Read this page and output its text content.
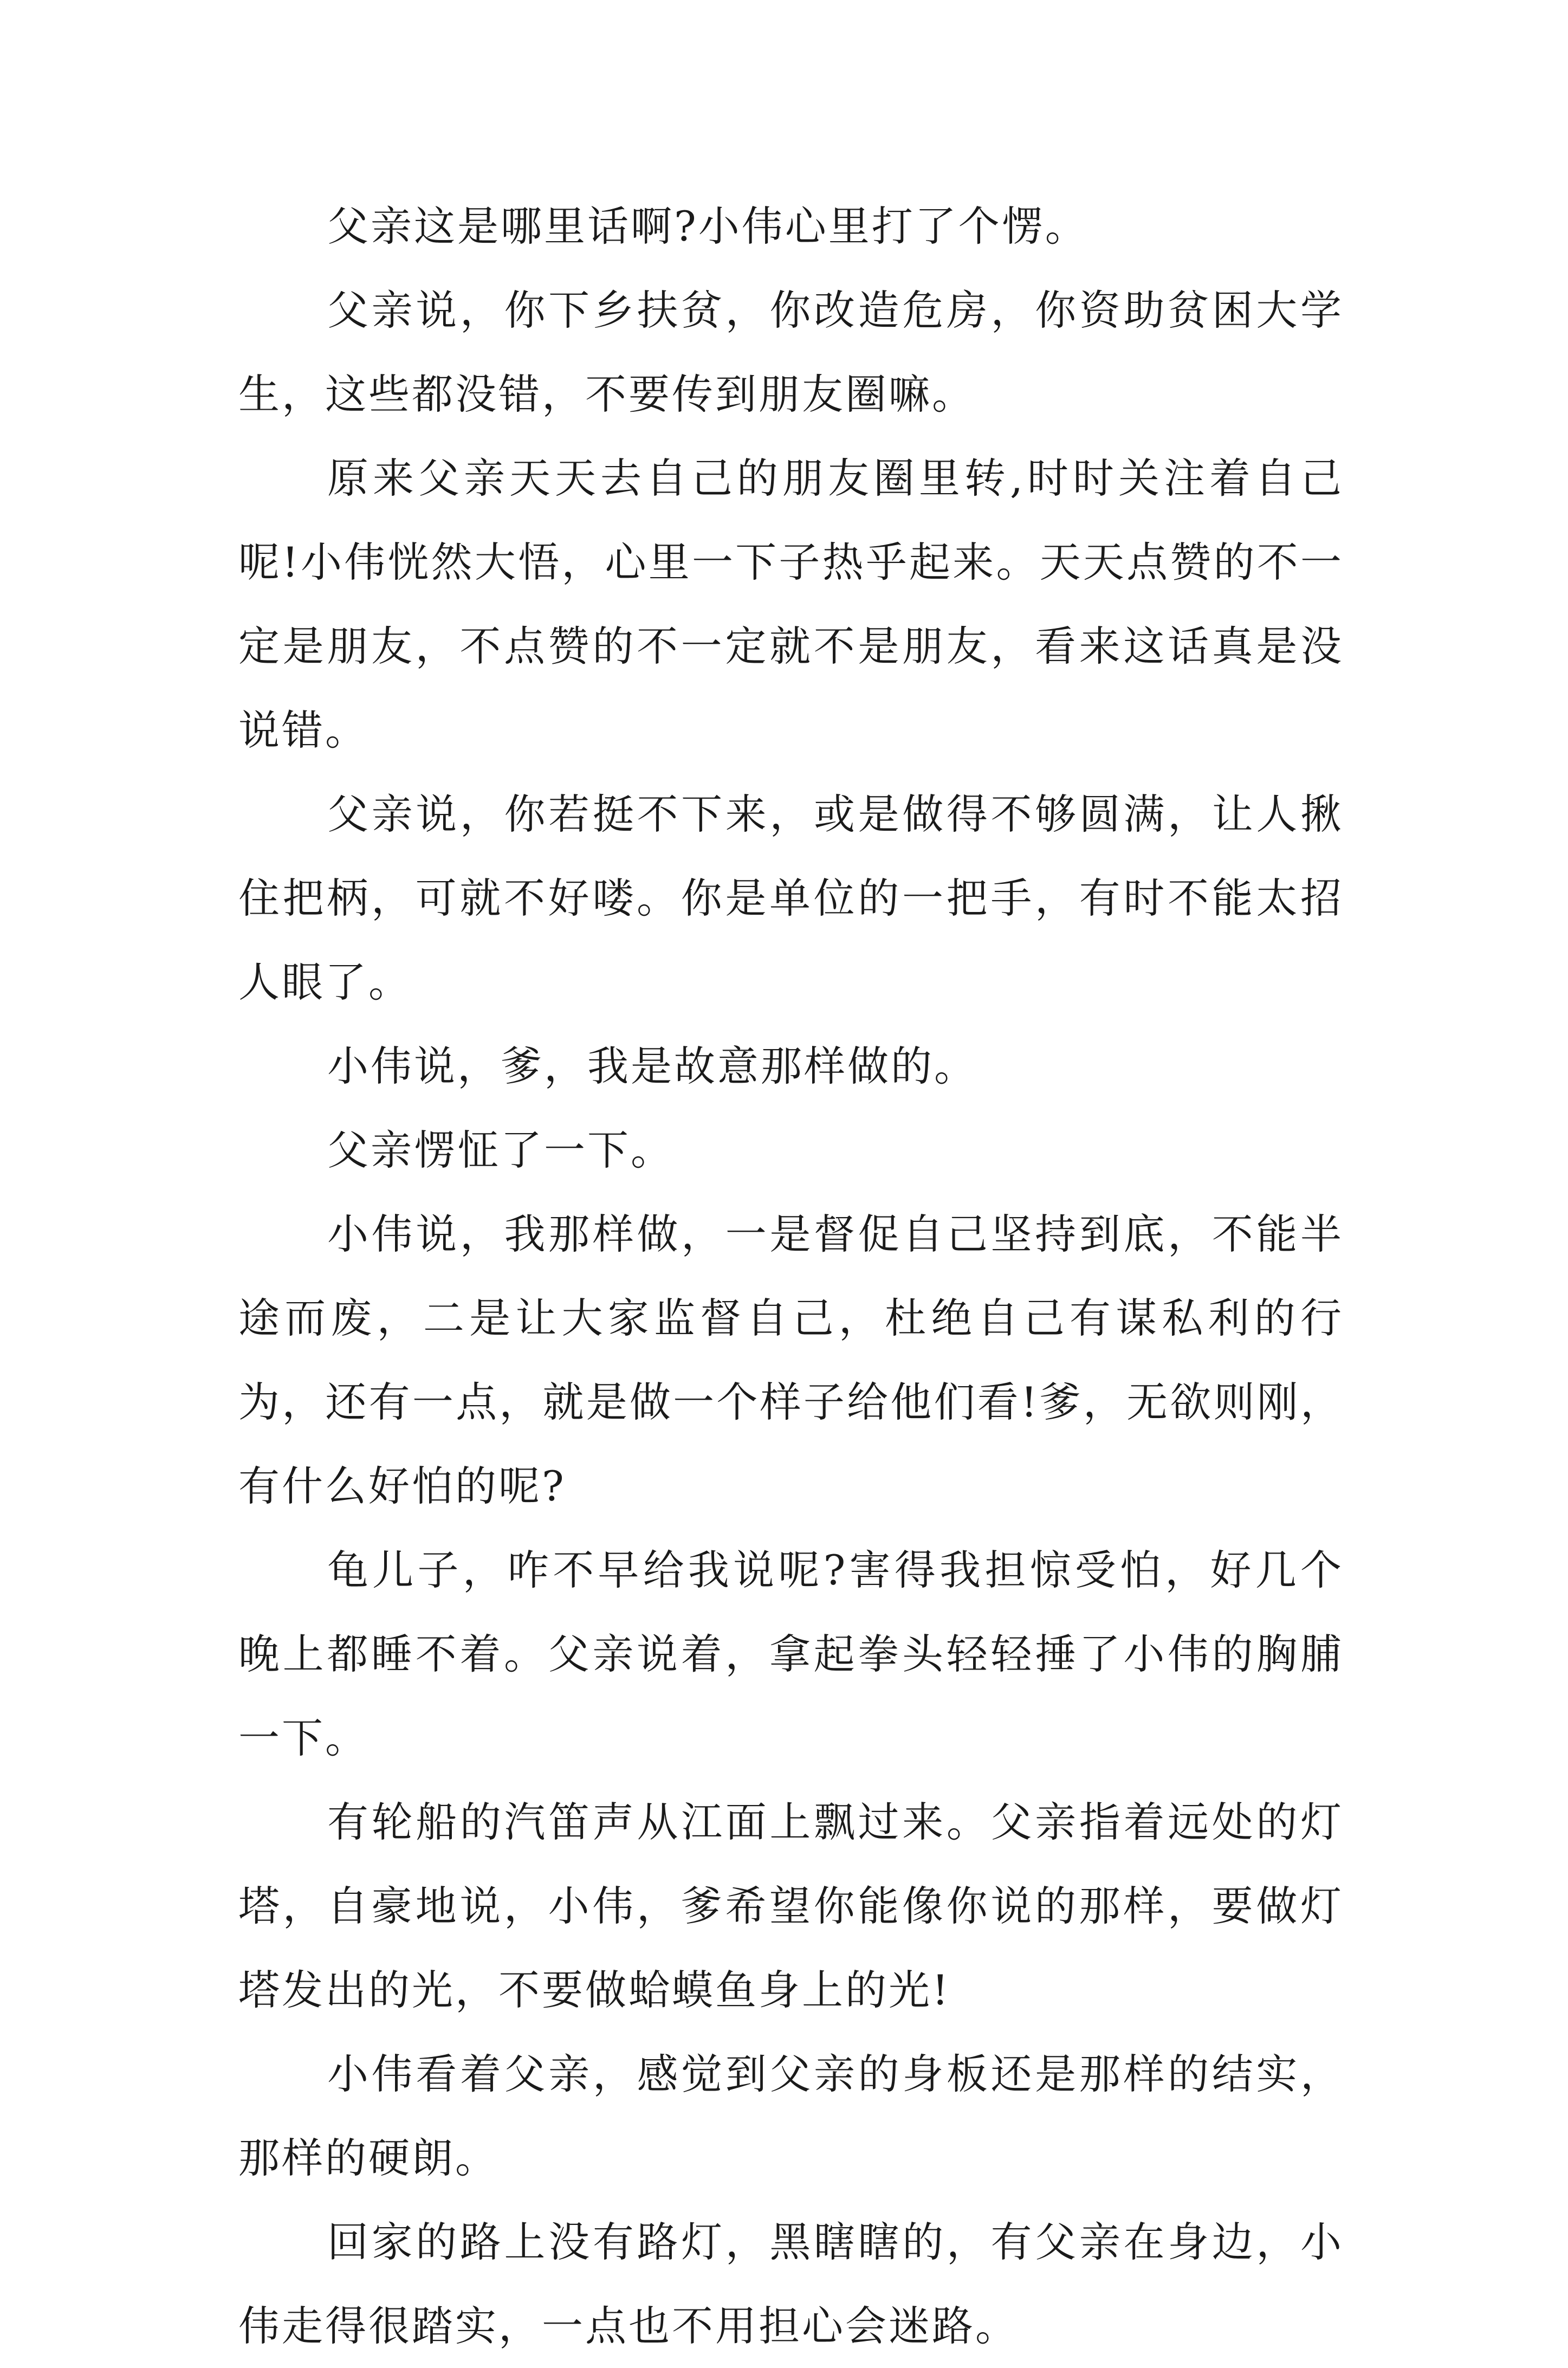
父亲这是哪里话啊?小伟心里打了个愣。

父亲说，你下乡扶贫，你改造危房，你资助贫困大学生，这些都没错，不要传到朋友圈嘛。

原来父亲天天去自己的朋友圈里转,时时关注着自己呢!小伟恍然大悟，心里一下子热乎起来。天天点赞的不一定是朋友，不点赞的不一定就不是朋友，看来这话真是没说错。

父亲说，你若挺不下来，或是做得不够圆满，让人揪住把柄，可就不好喽。你是单位的一把手，有时不能太招人眼了。

小伟说，爹，我是故意那样做的。

父亲愣怔了一下。

小伟说，我那样做，一是督促自己坚持到底，不能半途而废，二是让大家监督自己，杜绝自己有谋私利的行为，还有一点，就是做一个样子给他们看!爹，无欲则刚，有什么好怕的呢?

龟儿子，咋不早给我说呢?害得我担惊受怕，好几个晚上都睡不着。父亲说着，拿起拳头轻轻捶了小伟的胸脯一下。

有轮船的汽笛声从江面上飘过来。父亲指着远处的灯塔，自豪地说，小伟，爹希望你能像你说的那样，要做灯塔发出的光，不要做蛤蟆鱼身上的光!

小伟看着父亲，感觉到父亲的身板还是那样的结实，那样的硬朗。

回家的路上没有路灯，黑瞎瞎的，有父亲在身边，小伟走得很踏实，一点也不用担心会迷路。
